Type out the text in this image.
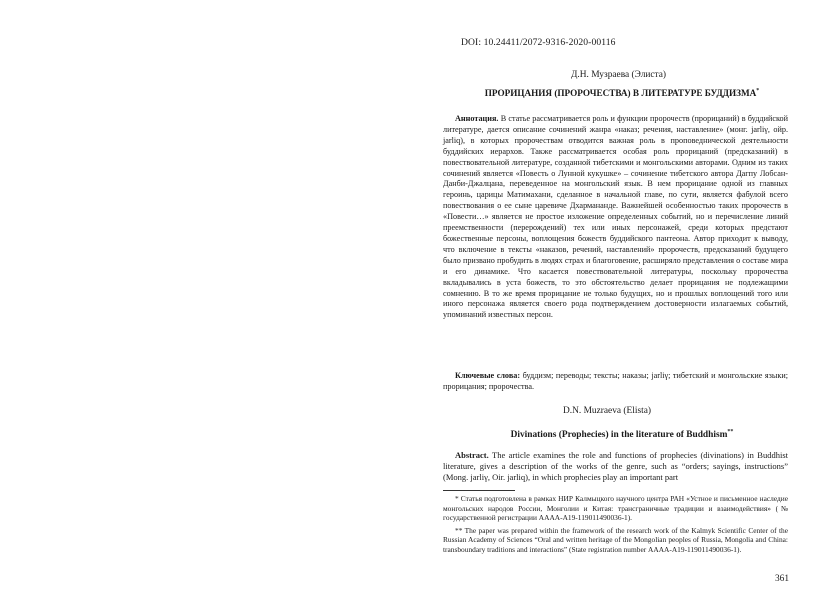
DOI: 10.24411/2072-9316-2020-00116
Д.Н. Музраева (Элиста)
ПРОРИЦАНИЯ (ПРОРОЧЕСТВА) В ЛИТЕРАТУРЕ БУДДИЗМА*

Аннотация. В статье рассматривается роль и функции пророчеств (прорицаний) в буддийской литературе, дается описание сочинений жанра «наказ; речения, наставление» (монг. jarliγ, ойр. jarliq), в которых пророчествам отводится важная роль в проповеднической деятельности буддийских иерархов. Также рассматривается особая роль прорицаний (предсказаний) в повествовательной литературе, созданной тибетскими и монгольскими авторами. Одним из таких сочинений является «Повесть о Лунной кукушке» – сочинение тибетского автора Дагпу Лобсан-Данби-Джалцана, переведенное на монгольский язык. В нем прорицание одной из главных героинь, царицы Матимахани, сделанное в начальной главе, по сути, является фабулой всего повествования о ее сыне царевиче Дхармананде. Важнейшей особенностью таких пророчеств в «Повести…» является не простое изложение определенных событий, но и перечисление линий преемственности (перерождений) тех или иных персонажей, среди которых предстают божественные персоны, воплощения божеств буддийского пантеона. Автор приходит к выводу, что включение в тексты «наказов, речений, наставлений» пророчеств, предсказаний будущего было призвано пробудить в людях страх и благоговение, расширяло представления о составе мира и его динамике. Что касается повествовательной литературы, поскольку пророчества вкладывались в уста божеств, то это обстоятельство делает прорицания не подлежащими сомнению. В то же время прорицание не только будущих, но и прошлых воплощений того или иного персонажа является своего рода подтверждением достоверности излагаемых событий, упоминаний известных персон.

Ключевые слова: буддизм; переводы; тексты; наказы; jarliγ; тибетский и монгольские языки; прорицания; пророчества.

D.N. Muzraeva (Elista)
Divinations (Prophecies) in the literature of Buddhism**

Abstract. The article examines the role and functions of prophecies (divinations) in Buddhist literature, gives a description of the works of the genre, such as “orders; sayings, instructions” (Mong. jarliγ, Oir. jarliq), in which prophecies play an important part

* Статья подготовлена в рамках НИР Калмыцкого научного центра РАН «Устное и письменное наследие монгольских народов России, Монголии и Китая: трансграничные традиции и взаимодействия» (№ государственной регистрации АААА-А19-119011490036-1).

** The paper was prepared within the framework of the research work of the Kalmyk Scientific Center of the Russian Academy of Sciences “Oral and written heritage of the Mongolian peoples of Russia, Mongolia and China: transboundary traditions and interactions” (State registration number АААА-А19-119011490036-1).

361
